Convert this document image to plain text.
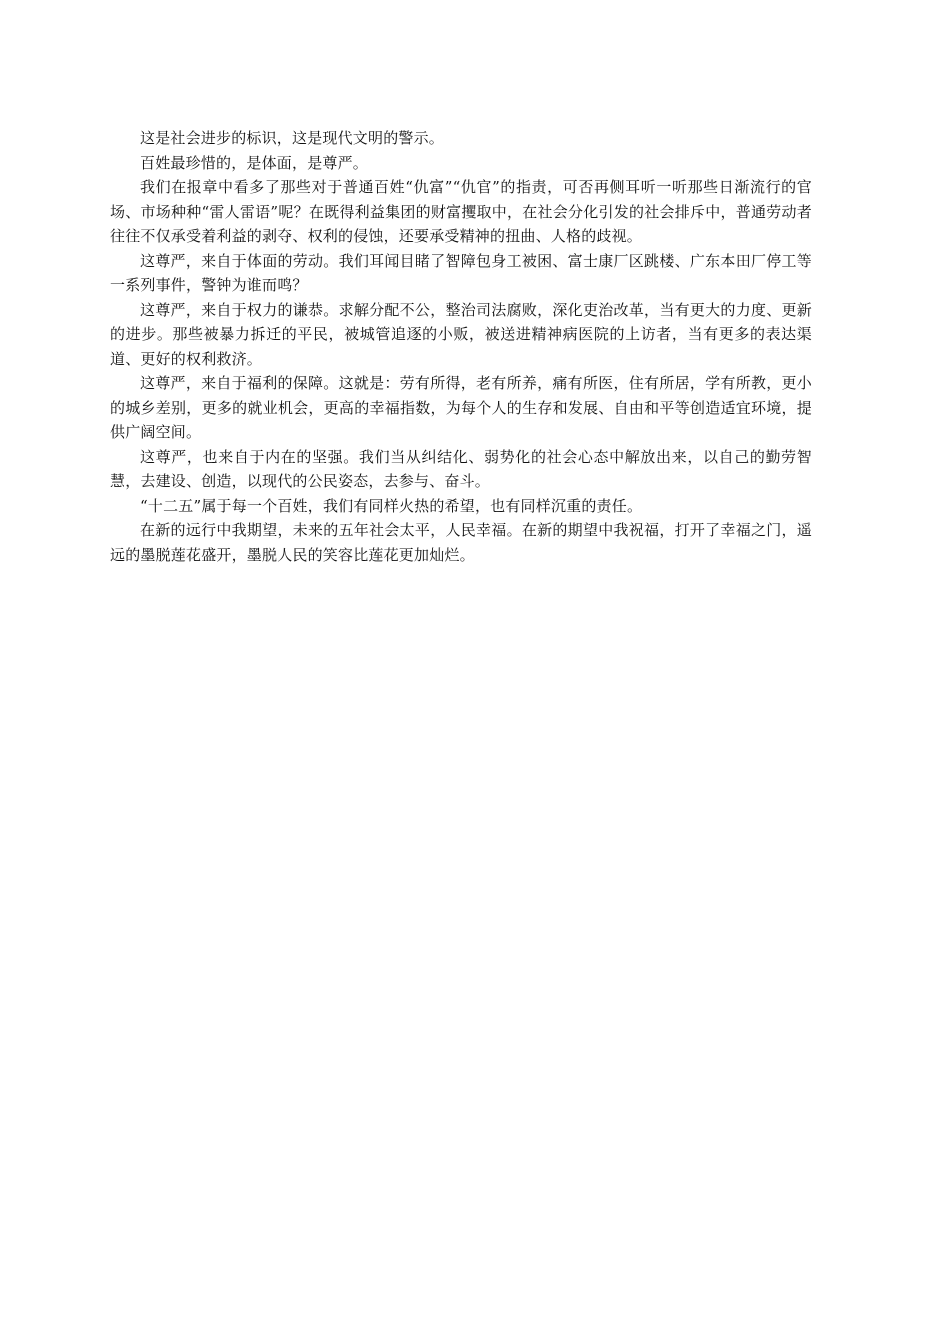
这是社会进步的标识，这是现代文明的警示。

百姓最珍惜的，是体面，是尊严。

我们在报章中看多了那些对于普通百姓“仇富”“仇官”的指责，可否再侧耳听一听那些日渐流行的官场、市场种种“雷人雷语”呢？在既得利益集团的财富攫取中，在社会分化引发的社会排斥中，普通劳动者往往不仅承受着利益的剥夺、权利的侵蚀，还要承受精神的扭曲、人格的歧视。

这尊严，来自于体面的劳动。我们耳闻目睹了智障包身工被困、富士康厂区跳楼、广东本田厂停工等一系列事件，警钟为谁而鸣？

这尊严，来自于权力的谦恭。求解分配不公，整治司法腐败，深化吏治改革，当有更大的力度、更新的进步。那些被暴力拆迁的平民，被城管追逐的小贩，被送进精神病医院的上访者，当有更多的表达渠道、更好的权利救济。

这尊严，来自于福利的保障。这就是：劳有所得，老有所养，痛有所医，住有所居，学有所教，更小的城乡差别，更多的就业机会，更高的幸福指数，为每个人的生存和发展、自由和平等创造适宜环境，提供广阔空间。

这尊严，也来自于内在的坚强。我们当从纠结化、弱势化的社会心态中解放出来，以自己的勤劳智慧，去建设、创造，以现代的公民姿态，去参与、奋斗。

“十二五”属于每一个百姓，我们有同样火热的希望，也有同样沉重的责任。

在新的远行中我期望，未来的五年社会太平，人民幸福。在新的期望中我祝福，打开了幸福之门，遥远的墨脱莲花盛开，墨脱人民的笑容比莲花更加灿烂。
